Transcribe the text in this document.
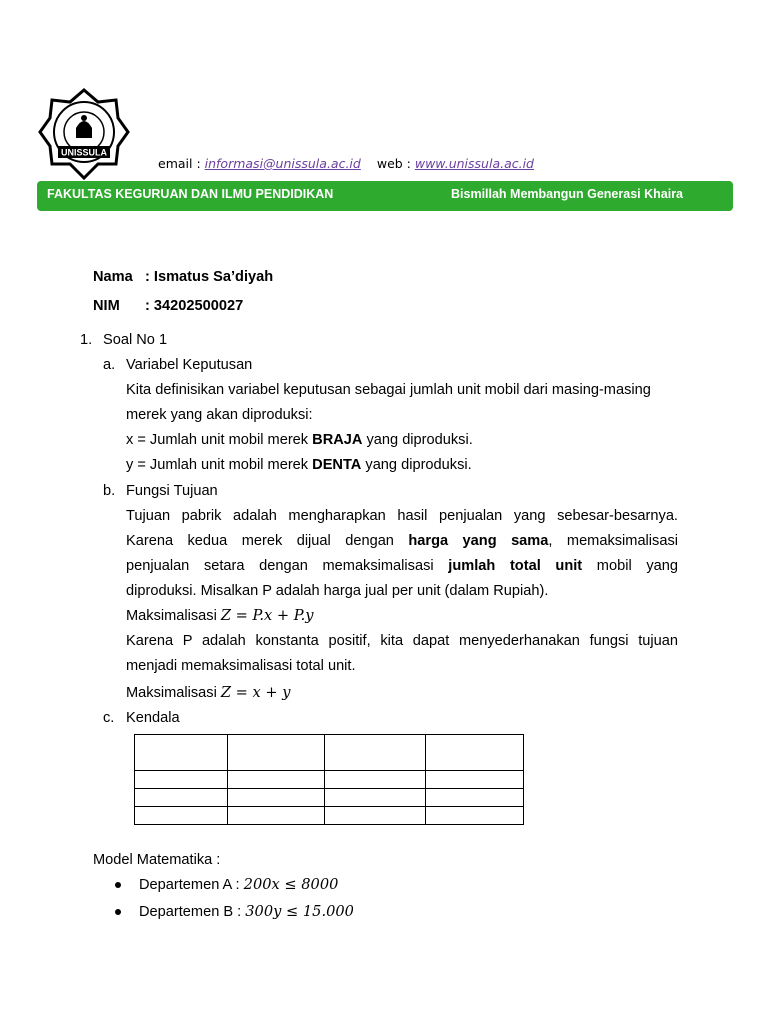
UNISSULA
email : informasi@unissula.ac.id web : www.unissula.ac.id
FAKULTAS KEGURUAN DAN ILMU PENDIDIKAN	Bismillah Membangun Generasi Khaira
Nama : Ismatus Sa’diyah
NIM : 34202500027
1. Soal No 1
a. Variabel Keputusan
Kita definisikan variabel keputusan sebagai jumlah unit mobil dari masing-masing
merek yang akan diproduksi:
x = Jumlah unit mobil merek BRAJA yang diproduksi.
y = Jumlah unit mobil merek DENTA yang diproduksi.
b. Fungsi Tujuan
Tujuan pabrik adalah mengharapkan hasil penjualan yang sebesar-besarnya.
Karena kedua merek dijual dengan harga yang sama, memaksimalisasi
penjualan setara dengan memaksimalisasi jumlah total unit mobil yang
diproduksi. Misalkan P adalah harga jual per unit (dalam Rupiah).
Maksimalisasi Z = P.x + P.y
Karena P adalah konstanta positif, kita dapat menyederhanakan fungsi tujuan
menjadi memaksimalisasi total unit.
Maksimalisasi Z = x + y
c. Kendala

Model Matematika :
Departemen A : 200x ≤ 8000
Departemen B : 300y ≤ 15.000
